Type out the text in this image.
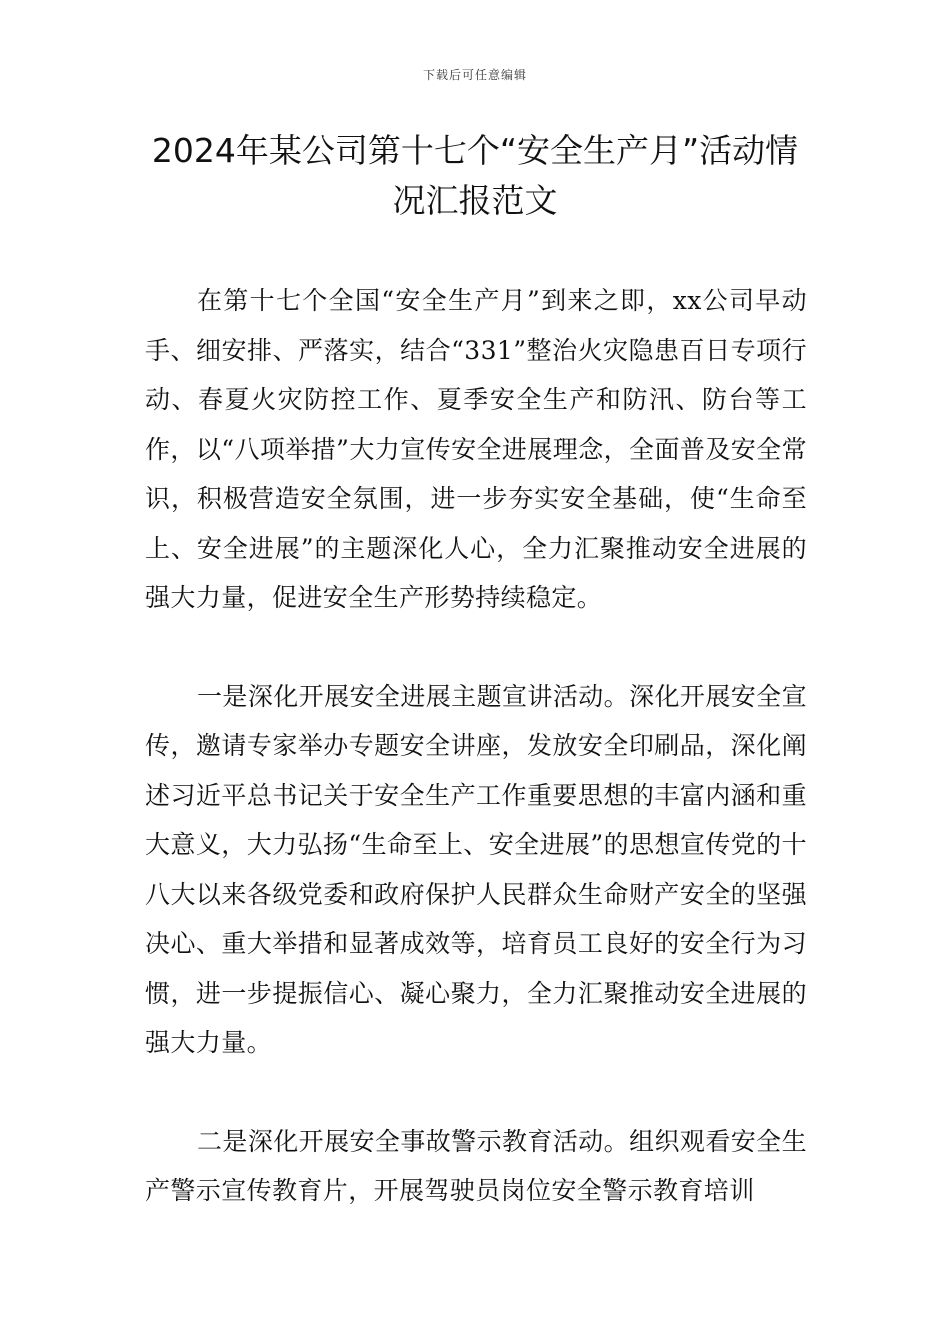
下载后可任意编辑
2024年某公司第十七个“安全生产月”活动情况汇报范文

在第十七个全国“安全生产月”到来之即，xx公司早动手、细安排、严落实，结合“331”整治火灾隐患百日专项行动、春夏火灾防控工作、夏季安全生产和防汛、防台等工作，以“八项举措”大力宣传安全进展理念，全面普及安全常识，积极营造安全氛围，进一步夯实安全基础，使“生命至上、安全进展”的主题深化人心，全力汇聚推动安全进展的强大力量，促进安全生产形势持续稳定。

一是深化开展安全进展主题宣讲活动。深化开展安全宣传，邀请专家举办专题安全讲座，发放安全印刷品，深化阐述习近平总书记关于安全生产工作重要思想的丰富内涵和重大意义，大力弘扬“生命至上、安全进展”的思想宣传党的十八大以来各级党委和政府保护人民群众生命财产安全的坚强决心、重大举措和显著成效等，培育员工良好的安全行为习惯，进一步提振信心、凝心聚力，全力汇聚推动安全进展的强大力量。

二是深化开展安全事故警示教育活动。组织观看安全生产警示宣传教育片，开展驾驶员岗位安全警示教育培训
